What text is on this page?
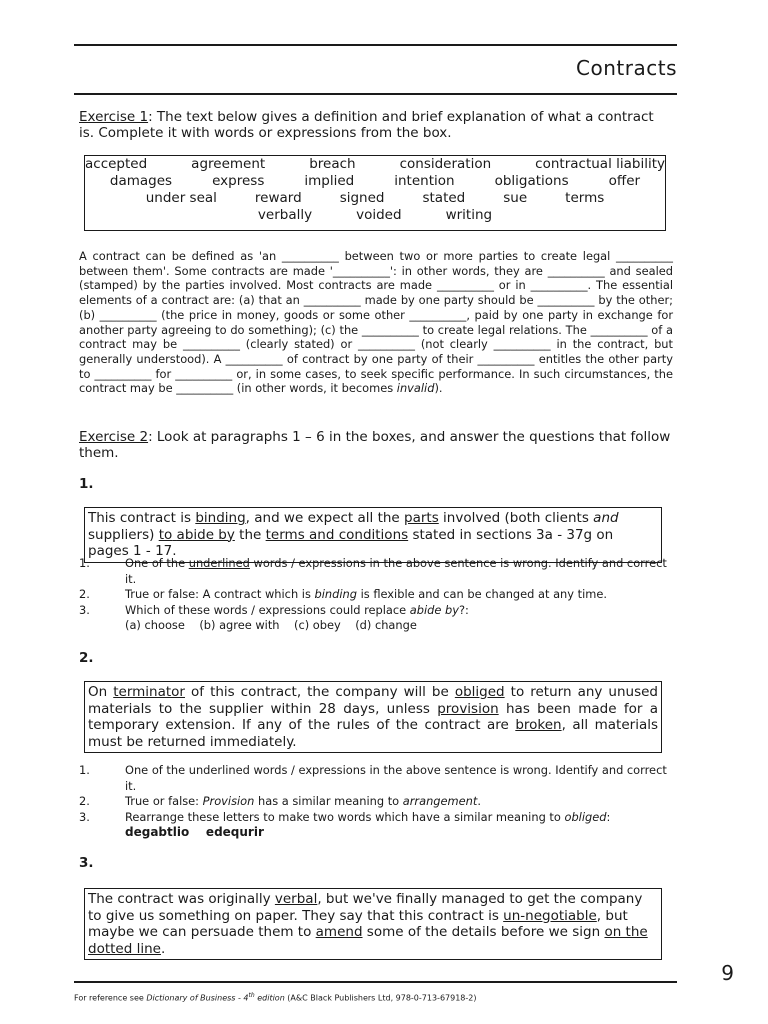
Contracts
Exercise 1: The text below gives a definition and brief explanation of what a contract is. Complete it with words or expressions from the box.
accepted	agreement	breach	consideration	contractual liability
damages	express	implied	intention	obligations	offer
under seal	reward	signed	stated	sue	terms
verbally	voided	writing
A contract can be defined as 'an __________ between two or more parties to create legal __________ between them'. Some contracts are made '__________': in other words, they are __________ and sealed (stamped) by the parties involved. Most contracts are made __________ or in __________. The essential elements of a contract are: (a) that an __________ made by one party should be __________ by the other; (b) __________ (the price in money, goods or some other __________, paid by one party in exchange for another party agreeing to do something); (c) the __________ to create legal relations. The __________ of a contract may be __________ (clearly stated) or __________ (not clearly __________ in the contract, but generally understood). A __________ of contract by one party of their __________ entitles the other party to __________ for __________ or, in some cases, to seek specific performance. In such circumstances, the contract may be __________ (in other words, it becomes invalid).
Exercise 2: Look at paragraphs 1 – 6 in the boxes, and answer the questions that follow them.
1.
This contract is binding, and we expect all the parts involved (both clients and suppliers) to abide by the terms and conditions stated in sections 3a - 37g on pages 1 - 17.
1.	One of the underlined words / expressions in the above sentence is wrong. Identify and correct it.
2.	True or false: A contract which is binding is flexible and can be changed at any time.
3.	Which of these words / expressions could replace abide by?:
(a) choose    (b) agree with    (c) obey    (d) change
2.
On terminator of this contract, the company will be obliged to return any unused materials to the supplier within 28 days, unless provision has been made for a temporary extension. If any of the rules of the contract are broken, all materials must be returned immediately.
1.	One of the underlined words / expressions in the above sentence is wrong. Identify and correct it.
2.	True or false: Provision has a similar meaning to arrangement.
3.	Rearrange these letters to make two words which have a similar meaning to obliged:
degabtlio    edequrir
3.
The contract was originally verbal, but we've finally managed to get the company to give us something on paper. They say that this contract is un-negotiable, but maybe we can persuade them to amend some of the details before we sign on the dotted line.
9
For reference see Dictionary of Business - 4th edition (A&C Black Publishers Ltd, 978-0-713-67918-2)
